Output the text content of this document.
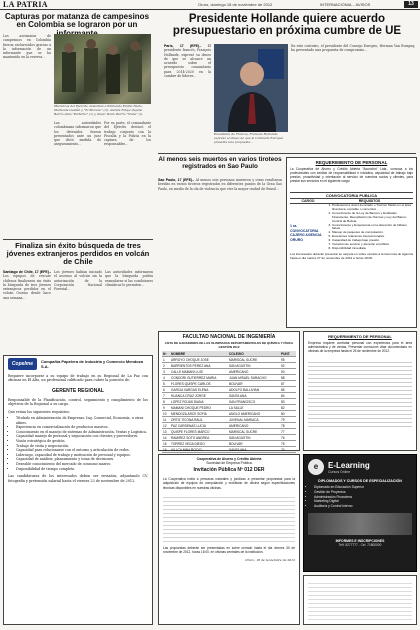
LA PATRIA	Oruro, domingo 18 de noviembre de 2012	INTERNACIONAL - AVISOS	13
Capturas por matanza de campesinos en Colombia se lograron por un
Los asesinatos de campesinos en Colombia fueron esclarecidos gracias a la información de un informante que se ha mantenido en la reserva...
Miembros del Ejército custodian a Edmundo Emilio Nieto, Marilenis Guillén y "El Moreno" (d), Andrés Felipe Ospina Berrío alias "Pichicho" (c) y Oscar Darío Berrío "Nube" (i).
Las autoridades colombianas informaron que los detenidos fueron presentados ante un juez que dictó medida de aseguramiento...
Por su parte, el comandante del Ejército destacó el trabajo conjunto con la Fiscalía y la Policía en la captura de los responsables...
Presidente Hollande quiere acuerdo presupuestario en próxima cumbre de UE
París, 17 (EFE).- El presidente francés, François Hollande, expresó su deseo de que se alcance un acuerdo sobre el presupuesto comunitario para 2014-2020 en la cumbre de líderes...
Presidente de Francia, Francois Hollande, expresó el deseo de que la Comisión Europea presente una propuesta...
En este contexto, el presidente del Consejo Europeo, Herman Van Rompuy, ha presentado una propuesta de compromiso...
Al menos seis muertos en varios tiroteos registrados en Sao Paulo
Sao Paulo, 17 (EFE).- Al menos seis personas murieron y otras resultaron heridas en varios tiroteos registrados en diferentes puntos de la Gran Sao Paulo, en medio de la ola de violencia que vive la mayor ciudad de Brasil...
REQUERIMIENTO DE PERSONAL
La Cooperativa de Ahorro y Crédito Abierta "Asunción" Ltda., convoca a los profesionales con sentido de responsabilidad e iniciativa, capacidad de trabajo bajo presión, proactividad y orientación al servicio de nuestros socios y clientes, para prestar sus servicios en el siguiente cargo:
CONVOCATORIA PUBLICA
CARGO	REQUISITOS
1 ra. CONVOCATORIA CAJERO AGENCIA ORURO
1. Profesional a nivel Licenciado o Técnico Medio en el área financiera, contable o comercial.
2. Conocimiento de la Ley de Bancos y Entidades Financieras, Recopilación de Normas y Ley del Banco Central de Bolivia.
3. Conocimiento y Experiencia en la detección de billetes falsos.
4. Manejo de paquetes de computación.
5. Excelentes relaciones interpersonales.
6. Capacidad de trabajo bajo presión.
7. Vocación de servicio y atención al público.
8. Disponibilidad inmediata.
Los interesados deberán presentar su carpeta en sobre cerrado a la Gerencia de Agencia hasta el día martes 27 de noviembre de 2012 a horas 18:00.
Finaliza sin éxito búsqueda de tres jóvenes extranjeros perdidos en volcán de Chile
Santiago de Chile, 17 (EFE).- Los equipos de rescate chilenos finalizaron sin éxito la búsqueda de tres jóvenes extranjeros perdidos en el volcán Osorno desde hace una semana...
Los jóvenes habían iniciado el ascenso al volcán sin la autorización de la Corporación Nacional Forestal...
Las autoridades informaron que la búsqueda podría reanudarse si las condiciones climáticas lo permiten...
Copelme	Compañía Papelera de Industria y Comercio Mendoza S.A.
Requiere incorporar a su equipo de trabajo en su Regional de La Paz con oficinas en El Alto, un profesional calificado para cubrir la posición de:
GERENTE REGIONAL
Responsable de la Planificación, control, seguimiento y cumplimiento de los objetivos de la Regional a su cargo.
Que reúna los siguientes requisitos:
• Titulado en Administración de Empresas, Ing. Comercial, Economía, u otras afines.
• Experiencia en comercialización de productos masivos.
• Conocimiento en el manejo de sistemas de Administración, Ventas y Logística.
• Capacidad manejo de personal y negociación con clientes y proveedores.
• Visión estratégica de gestión.
• Trabajo de visita y negociación.
• Capacidad para relacionarse con el entorno y articulación de redes.
• Liderazgo, capacidad de trabajo y motivación de personal y equipos.
• Capacidad de análisis, planeamiento y toma de decisiones.
• Deseable conocimiento del mercado de consumo masivo.
• Disponibilidad de tiempo completo.
Las candidaturas de los interesados deben ser enviadas, adjuntando CV, fotografía y pretensión salarial hasta el viernes 23 de noviembre de 2012.
FACULTAD NACIONAL DE INGENIERÍA
LISTA DE GANADORES DE LAS OLIMPIADAS DEPARTAMENTALES DE QUÍMICA Y FÍSICA GESTIÓN 2012
Nº	NOMBRE	COLEGIO	PUNT.
1	ARROYO CHOQUE JOSE	MARISCAL SUCRE	95
2	BARRIENTOS PEREZ ANA	SAN AGUSTIN	92
3	CALLE MAMANI LUIS	AMERICANO	90
4	CONDORI GUTIERREZ MARIA	JUAN MISAEL SARACHO	88
5	FLORES QUISPE CARLOS	BOLIVAR	87
6	GARCIA VARGAS ELENA	ADOLFO BALLIVIAN	85
7	HUANCA CRUZ JORGE	SANTA ANA	84
8	LOPEZ ROJAS DIANA	SAN FRANCISCO	83
9	MAMANI CHOQUE PEDRO	LA SALLE	82
10	MENDOZA ARCE SOFIA	ANGLO AMERICANO	80
11	ORTIZ TICONA RAUL	JUVENAL MARIACA	79
12	PAZ CARDENAS LUCIA	AMERICANO	78
13	QUISPE FLORES MARCO	MARISCAL SUCRE	77
14	RAMIREZ SOTO ANDREA	SAN AGUSTIN	76
15	TORREZ VEGA DIEGO	BOLIVAR	75
16	VILLCA NINA ROCIO	SANTA ANA	74
REQUERIMIENTO DE PERSONAL
Empresa requiere contratar personal con experiencia para el área administrativa y de ventas. Presentar curriculum vitae documentado en oficinas de la empresa hasta el 25 de noviembre de 2012.
Cooperativa de Ahorro y Crédito Abierta
Sociedad de Empresa Pública
Invitación Pública Nº 012 DER
La Cooperativa invita a personas naturales y jurídicas a presentar propuestas para la adquisición de equipos de computación y mobiliario de oficina según especificaciones técnicas disponibles en nuestras oficinas.
Las propuestas deberán ser presentadas en sobre cerrado hasta el día viernes 30 de noviembre de 2012, horas 16:00, en oficinas centrales de la institución.
Oruro, 18 de noviembre de 2012
e	E-Learning
Cursos Online
DIPLOMADOS Y CURSOS DE ESPECIALIZACIÓN
• Diplomado en Educación Superior
• Gestión de Proyectos
• Administración Financiera
• Marketing Digital
• Auditoría y Control Interno
INFORMES E INSCRIPCIONES
Telf. 5277777 - Cel. 71800000
